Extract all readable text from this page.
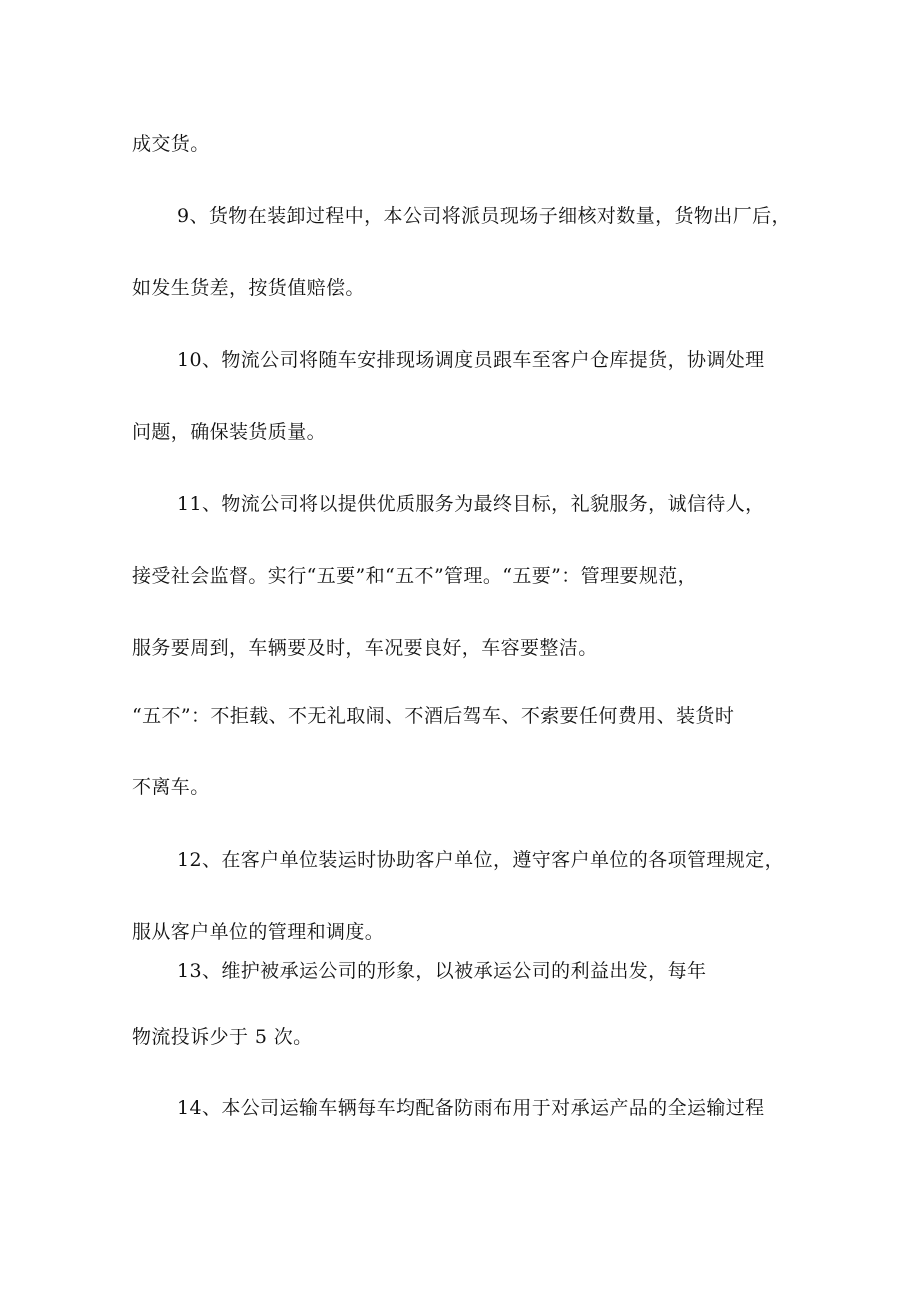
成交货。
9、货物在装卸过程中，本公司将派员现场子细核对数量，货物出厂后，
如发生货差，按货值赔偿。
10、物流公司将随车安排现场调度员跟车至客户仓库提货，协调处理
问题，确保装货质量。
11、物流公司将以提供优质服务为最终目标，礼貌服务，诚信待人，
接受社会监督。实行“五要”和“五不”管理。“五要”：管理要规范，
服务要周到，车辆要及时，车况要良好，车容要整洁。
“五不”：不拒载、不无礼取闹、不酒后驾车、不索要任何费用、装货时
不离车。
12、在客户单位装运时协助客户单位，遵守客户单位的各项管理规定，
服从客户单位的管理和调度。
13、维护被承运公司的形象，以被承运公司的利益出发，每年
物流投诉少于 5 次。
14、本公司运输车辆每车均配备防雨布用于对承运产品的全运输过程
